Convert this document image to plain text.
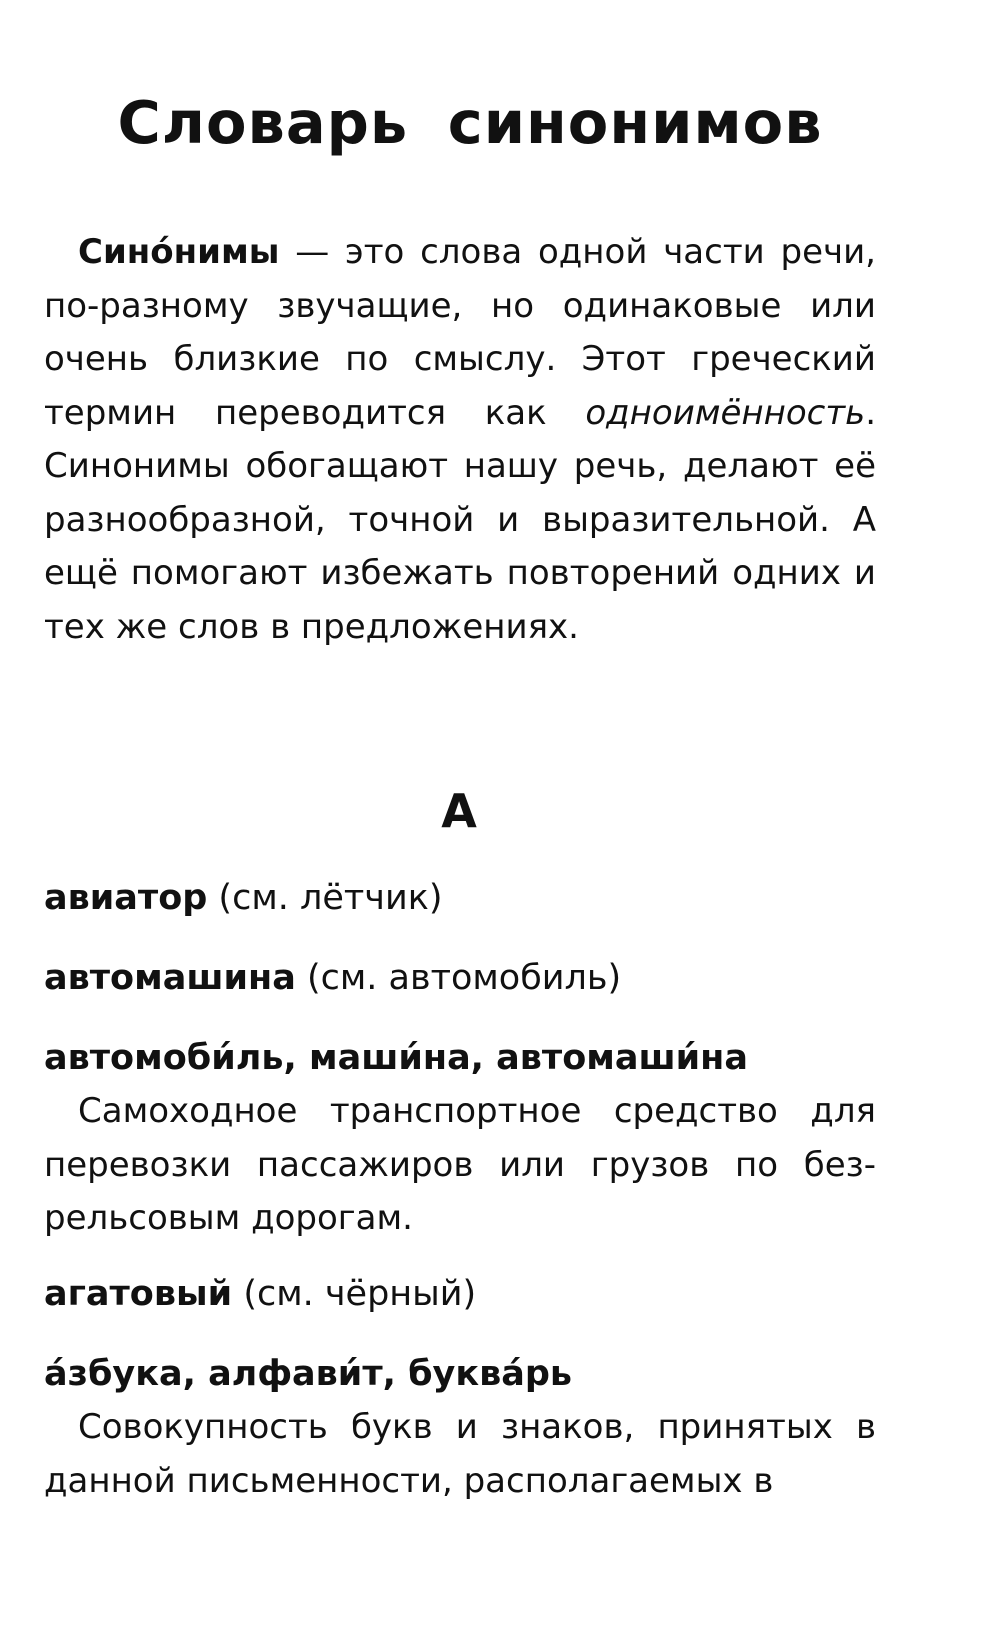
Словарь синонимов

Сино́нимы — это слова одной части речи, по-разному звучащие, но одинаковые или очень близкие по смыслу. Этот греческий термин переводится как одноимённость. Синонимы обогащают нашу речь, делают её разнообразной, точной и выразительной. А ещё помогают избежать повторений одних и тех же слов в предложениях.

А
авиатор (см. лётчик)
автомашина (см. автомобиль)
автомоби́ль, маши́на, автомаши́на

Самоходное транспортное средство для перевозки пассажиров или грузов по безрельсовым дорогам.

агатовый (см. чёрный)
а́збука, алфави́т, буква́рь

Совокупность букв и знаков, принятых в данной письменности, располагаемых в
